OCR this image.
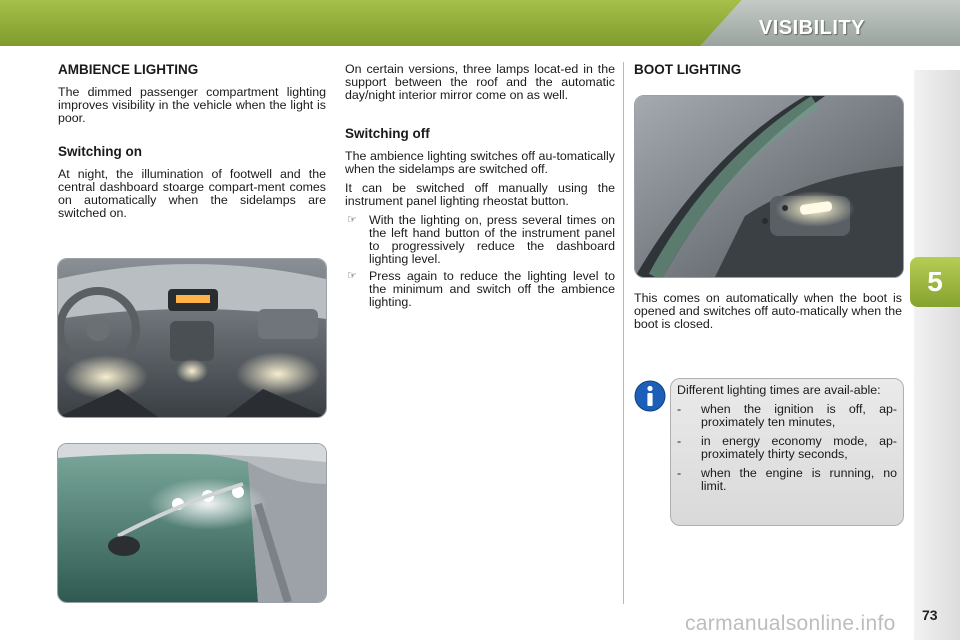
VISIBILITY
5
AMBIENCE LIGHTING

The dimmed passenger compartment lighting improves visibility in the vehicle when the light is poor.

Switching on

At night, the illumination of footwell and the central dashboard stoarge compart-ment comes on automatically when the sidelamps are switched on.

On certain versions, three lamps locat-ed in the support between the roof and the automatic day/night interior mirror come on as well.

Switching off

The ambience lighting switches off au-tomatically when the sidelamps are switched off.

It can be switched off manually using the instrument panel lighting rheostat button.

☞ With the lighting on, press several times on the left hand button of the instrument panel to progressively reduce the dashboard lighting level.
☞ Press again to reduce the lighting level to the minimum and switch off the ambience lighting.
BOOT LIGHTING

This comes on automatically when the boot is opened and switches off auto-matically when the boot is closed.

Different lighting times are avail-able:

- when the ignition is off, ap-proximately ten minutes,
- in energy economy mode, ap-proximately thirty seconds,
- when the engine is running, no limit.

carmanualsonline.info 73
